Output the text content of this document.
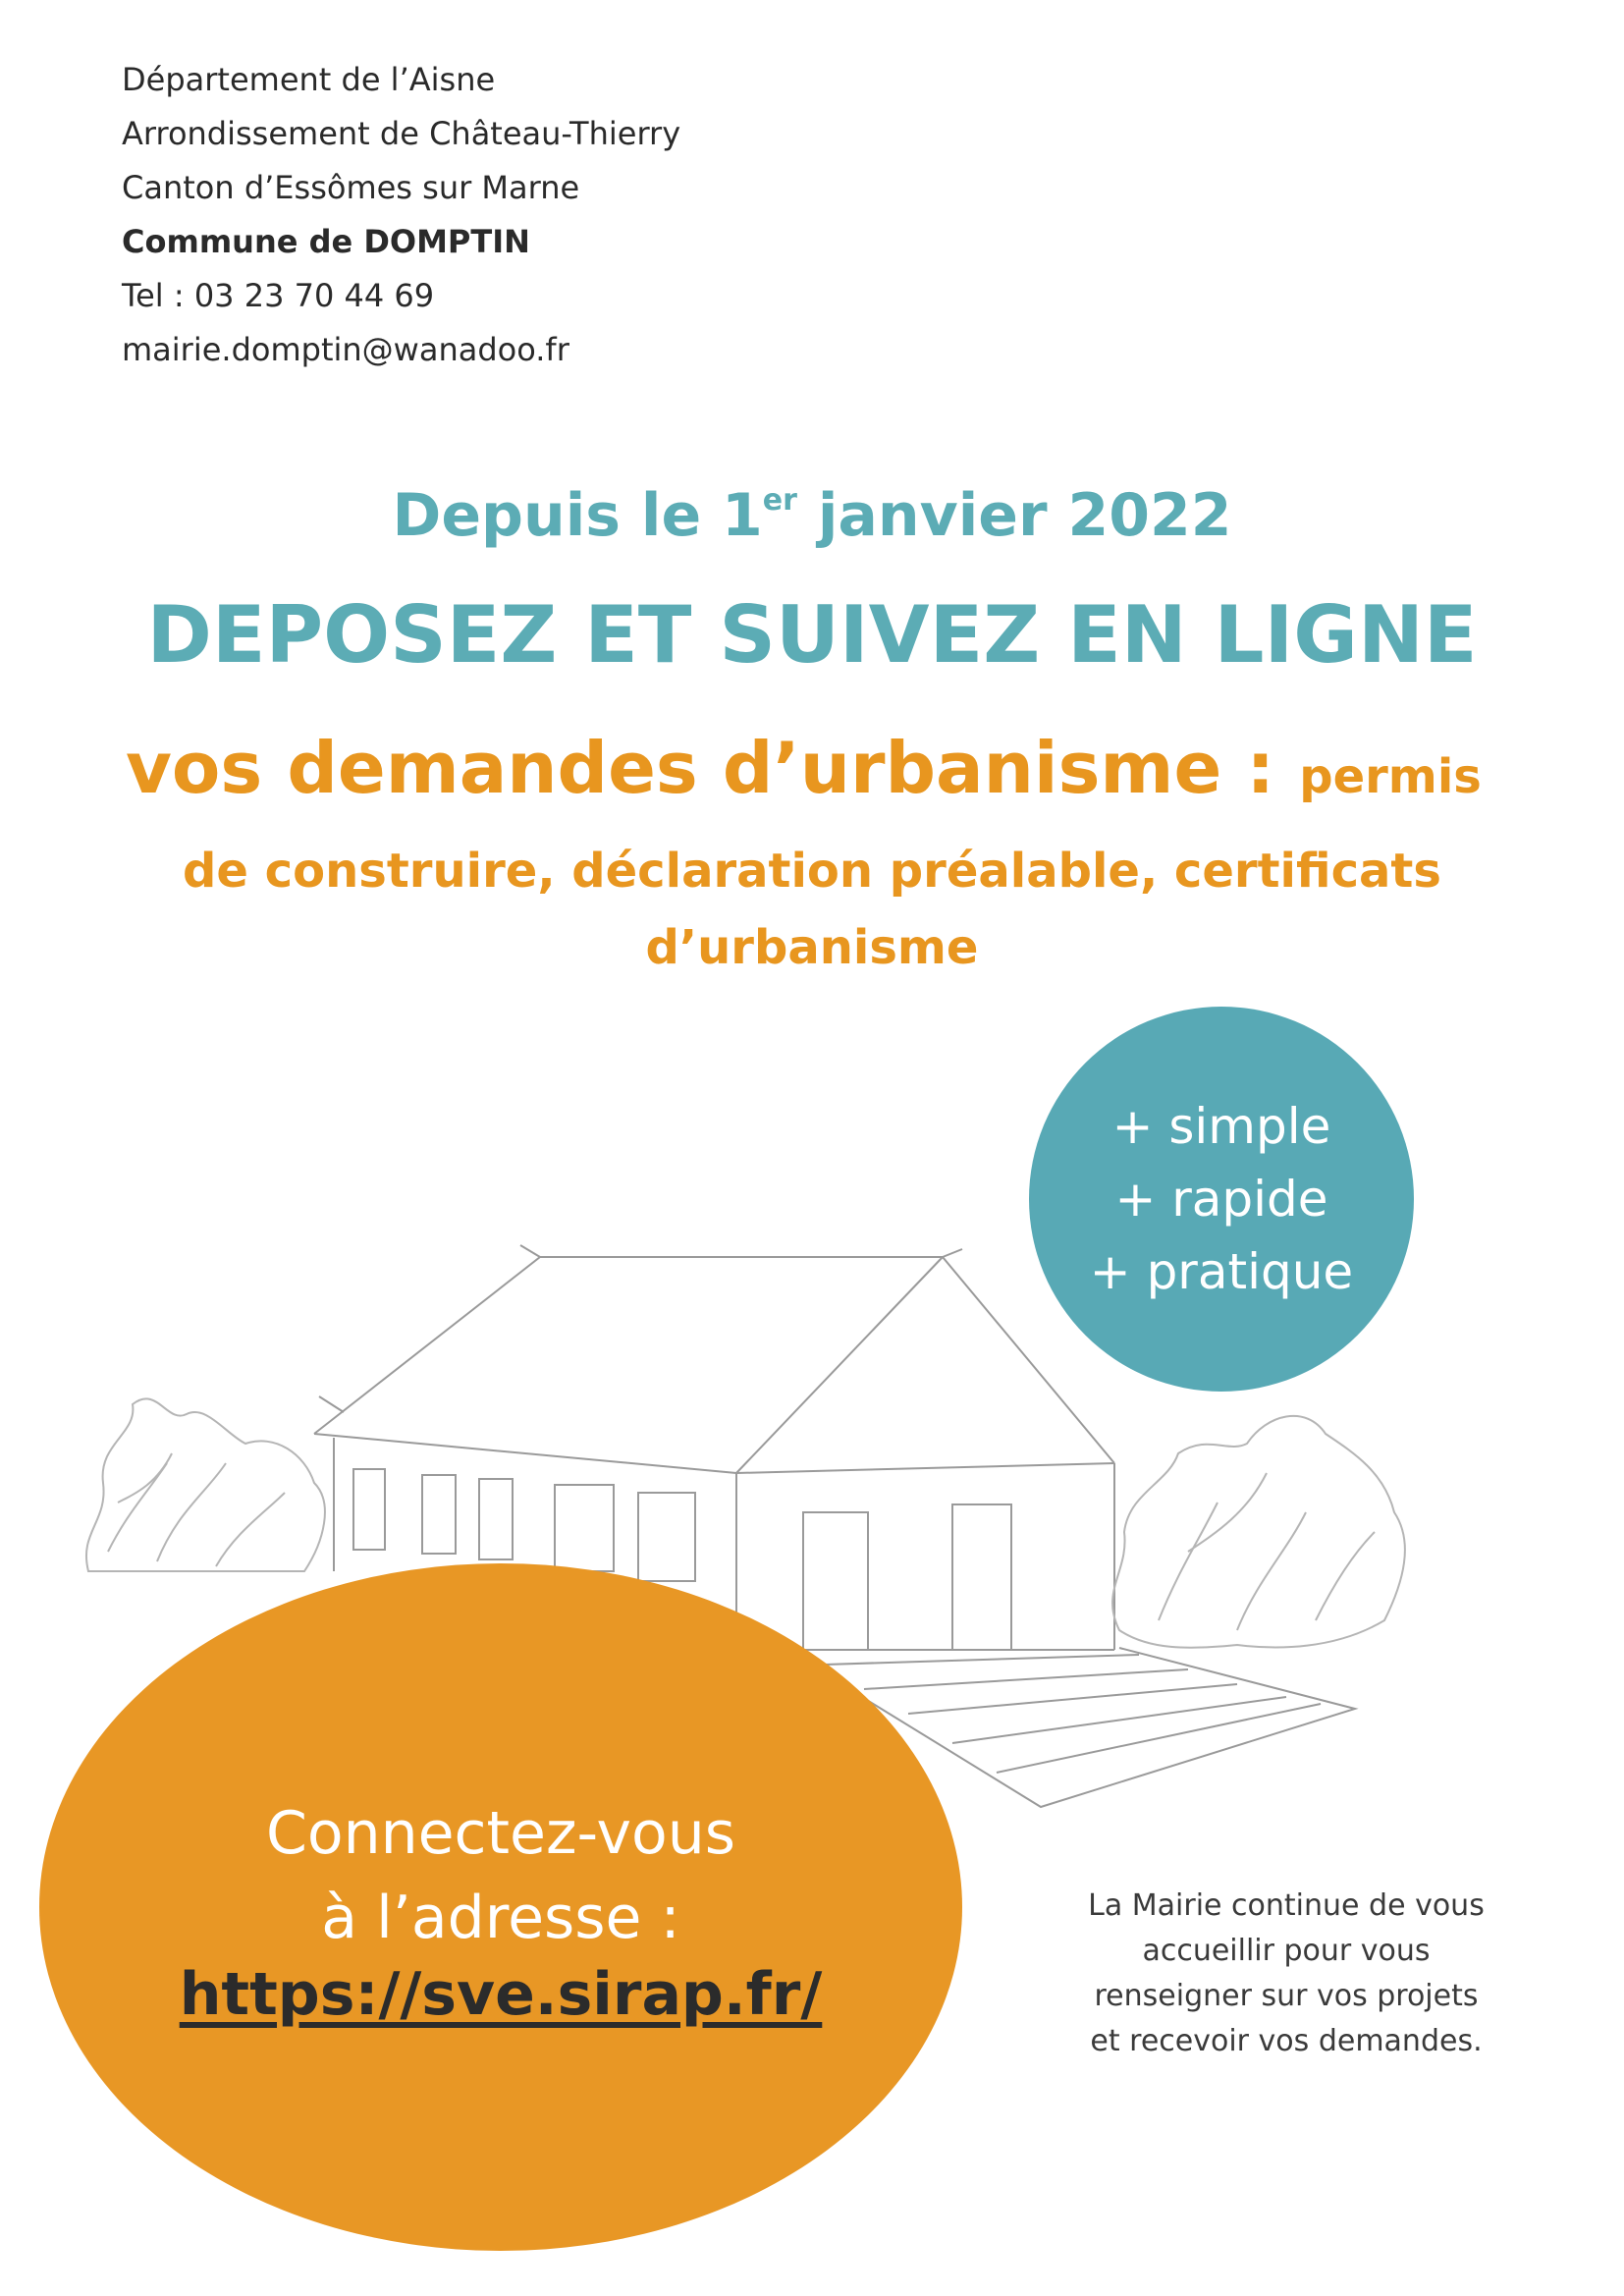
Département de l’Aisne
Arrondissement de Château-Thierry
Canton d’Essômes sur Marne
Commune de DOMPTIN
Tel : 03 23 70 44 69
mairie.domptin@wanadoo.fr
Depuis le 1er janvier 2022
DEPOSEZ ET SUIVEZ EN LIGNE
vos demandes d’urbanisme : permis
de construire, déclaration préalable, certificats
d’urbanisme
+ simple
+ rapide
+ pratique
Connectez-vous
à l’adresse :
https://sve.sirap.fr/
La Mairie continue de vous
accueillir pour vous
renseigner sur vos projets
et recevoir vos demandes.
